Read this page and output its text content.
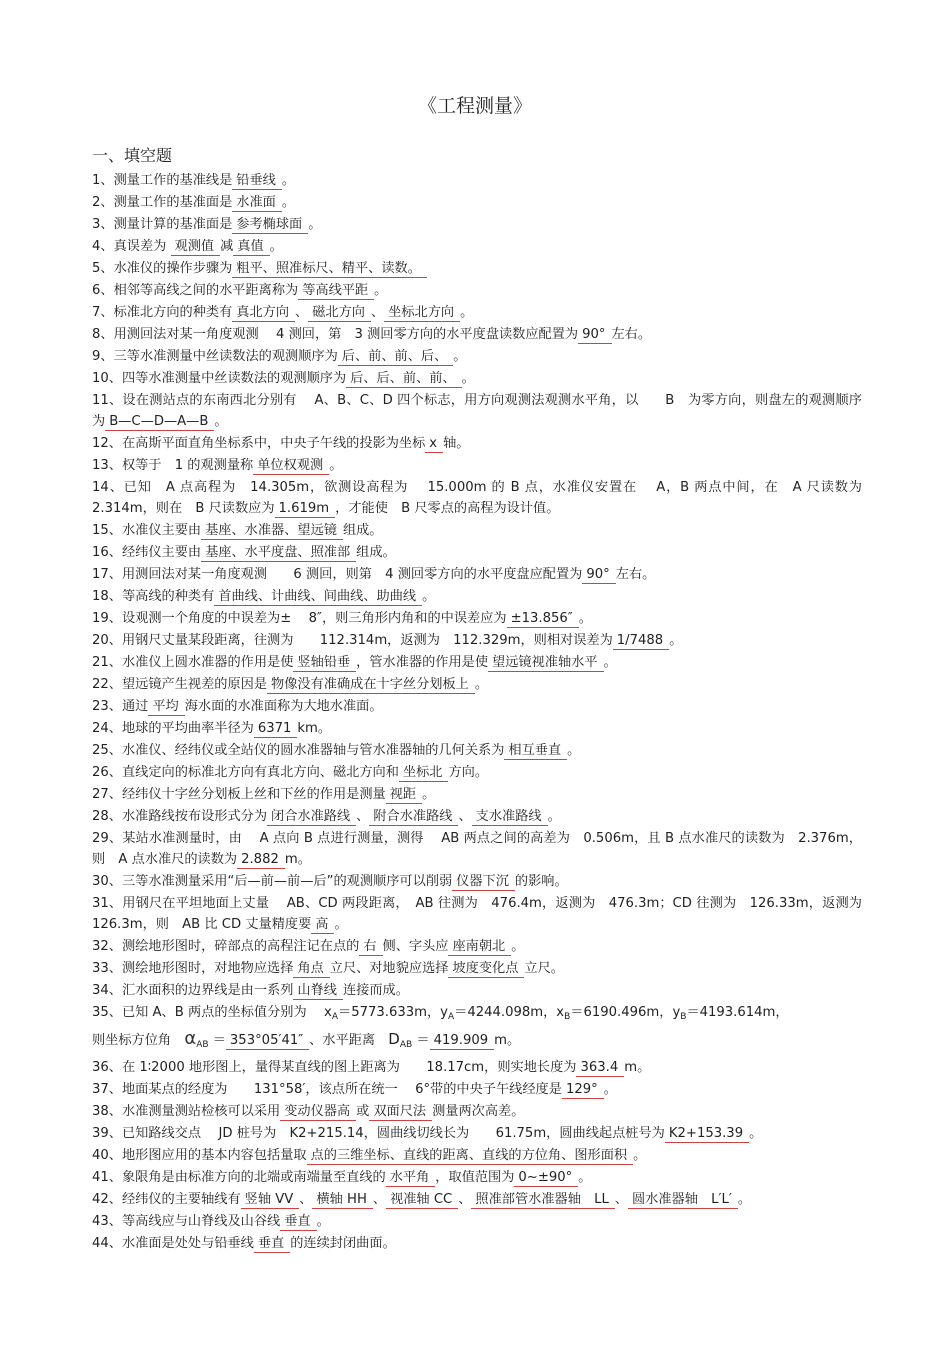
《工程测量》
一、填空题
1、测量工作的基准线是 铅垂线 。
2、测量工作的基准面是 水准面 。
3、测量计算的基准面是 参考椭球面 。
4、真误差为 观测值 减 真值 。
5、水准仪的操作步骤为 粗平、照准标尺、精平、读数。
6、相邻等高线之间的水平距离称为 等高线平距 。
7、标准北方向的种类有 真北方向 、 磁北方向 、 坐标北方向 。
8、用测回法对某一角度观测　 4 测回，第　3 测回零方向的水平度盘读数应配置为 90° 左右。
9、三等水准测量中丝读数法的观测顺序为 后、前、前、后、 。
10、四等水准测量中丝读数法的观测顺序为 后、后、前、前、 。
11、设在测站点的东南西北分别有　 A、B、C、D 四个标志，用方向观测法观测水平角，以　　B　为零方向，则盘左的观测顺序为 B—C—D—A—B 。
12、在高斯平面直角坐标系中，中央子午线的投影为坐标 x 轴。
13、权等于　1 的观测量称 单位权观测 。
14、已知　A 点高程为　14.305m，欲测设高程为　 15.000m 的 B 点，水准仪安置在　 A，B 两点中间，在　A 尺读数为　2.314m，则在　B 尺读数应为 1.619m ，才能使　B 尺零点的高程为设计值。
15、水准仪主要由 基座、水准器、望远镜 组成。
16、经纬仪主要由 基座、水平度盘、照准部 组成。
17、用测回法对某一角度观测　　6 测回，则第　4 测回零方向的水平度盘应配置为 90° 左右。
18、等高线的种类有 首曲线、计曲线、间曲线、助曲线 。
19、设观测一个角度的中误差为±　 8″，则三角形内角和的中误差应为 ±13.856″ 。
20、用钢尺丈量某段距离，往测为　　112.314m，返测为　112.329m，则相对误差为 1/7488 。
21、水准仪上圆水准器的作用是使 竖轴铅垂 ，管水准器的作用是使 望远镜视准轴水平 。
22、望远镜产生视差的原因是 物像没有准确成在十字丝分划板上 。
23、通过 平均 海水面的水准面称为大地水准面。
24、地球的平均曲率半径为 6371 km。
25、水准仪、经纬仪或全站仪的圆水准器轴与管水准器轴的几何关系为 相互垂直 。
26、直线定向的标准北方向有真北方向、磁北方向和 坐标北 方向。
27、经纬仪十字丝分划板上丝和下丝的作用是测量 视距 。
28、水准路线按布设形式分为 闭合水准路线 、 附合水准路线 、 支水准路线 。
29、某站水准测量时，由　 A 点向 B 点进行测量，测得　 AB 两点之间的高差为　0.506m，且 B 点水准尺的读数为　2.376m，则　A 点水准尺的读数为 2.882 m。
30、三等水准测量采用“后—前—前—后”的观测顺序可以削弱 仪器下沉 的影响。
31、用钢尺在平坦地面上丈量　 AB、CD 两段距离，　AB 往测为　476.4m，返测为　476.3m；CD 往测为　126.33m，返测为　126.3m，则　AB 比 CD 丈量精度要 高 。
32、测绘地形图时，碎部点的高程注记在点的 右 侧、字头应 座南朝北 。
33、测绘地形图时，对地物应选择 角点 立尺、对地貌应选择 坡度变化点 立尺。
34、汇水面积的边界线是由一系列 山脊线 连接而成。
35、已知 A、B 两点的坐标值分别为　 $x_A=5773.633m$，$y_A=4244.098m$，$x_B=6190.496m$，$y_B=4193.614m$，
则坐标方位角　 $\alpha_{AB} = 353^\circ 05'41''$ 、水平距离　 $D_{AB} = 419.909$ m。
36、在 1∶2000 地形图上，量得某直线的图上距离为　　18.17cm，则实地长度为 363.4 m。
37、地面某点的经度为　　131°58′，该点所在统一　 6°带的中央子午线经度是 129° 。
38、水准测量测站检核可以采用 变动仪器高 或 双面尺法 测量两次高差。
39、已知路线交点　 JD 桩号为　K2+215.14，圆曲线切线长为　　61.75m，圆曲线起点桩号为 K2+153.39 。
40、地形图应用的基本内容包括量取 点的三维坐标、直线的距离、直线的方位角、图形面积 。
41、象限角是由标准方向的北端或南端量至直线的 水平角 ，取值范围为 0~±90° 。
42、经纬仪的主要轴线有 竖轴 VV 、 横轴 HH 、 视准轴 CC 、 照准部管水准器轴　LL 、 圆水准器轴　L′L′ 。
43、等高线应与山脊线及山谷线 垂直 。
44、水准面是处处与铅垂线 垂直 的连续封闭曲面。
